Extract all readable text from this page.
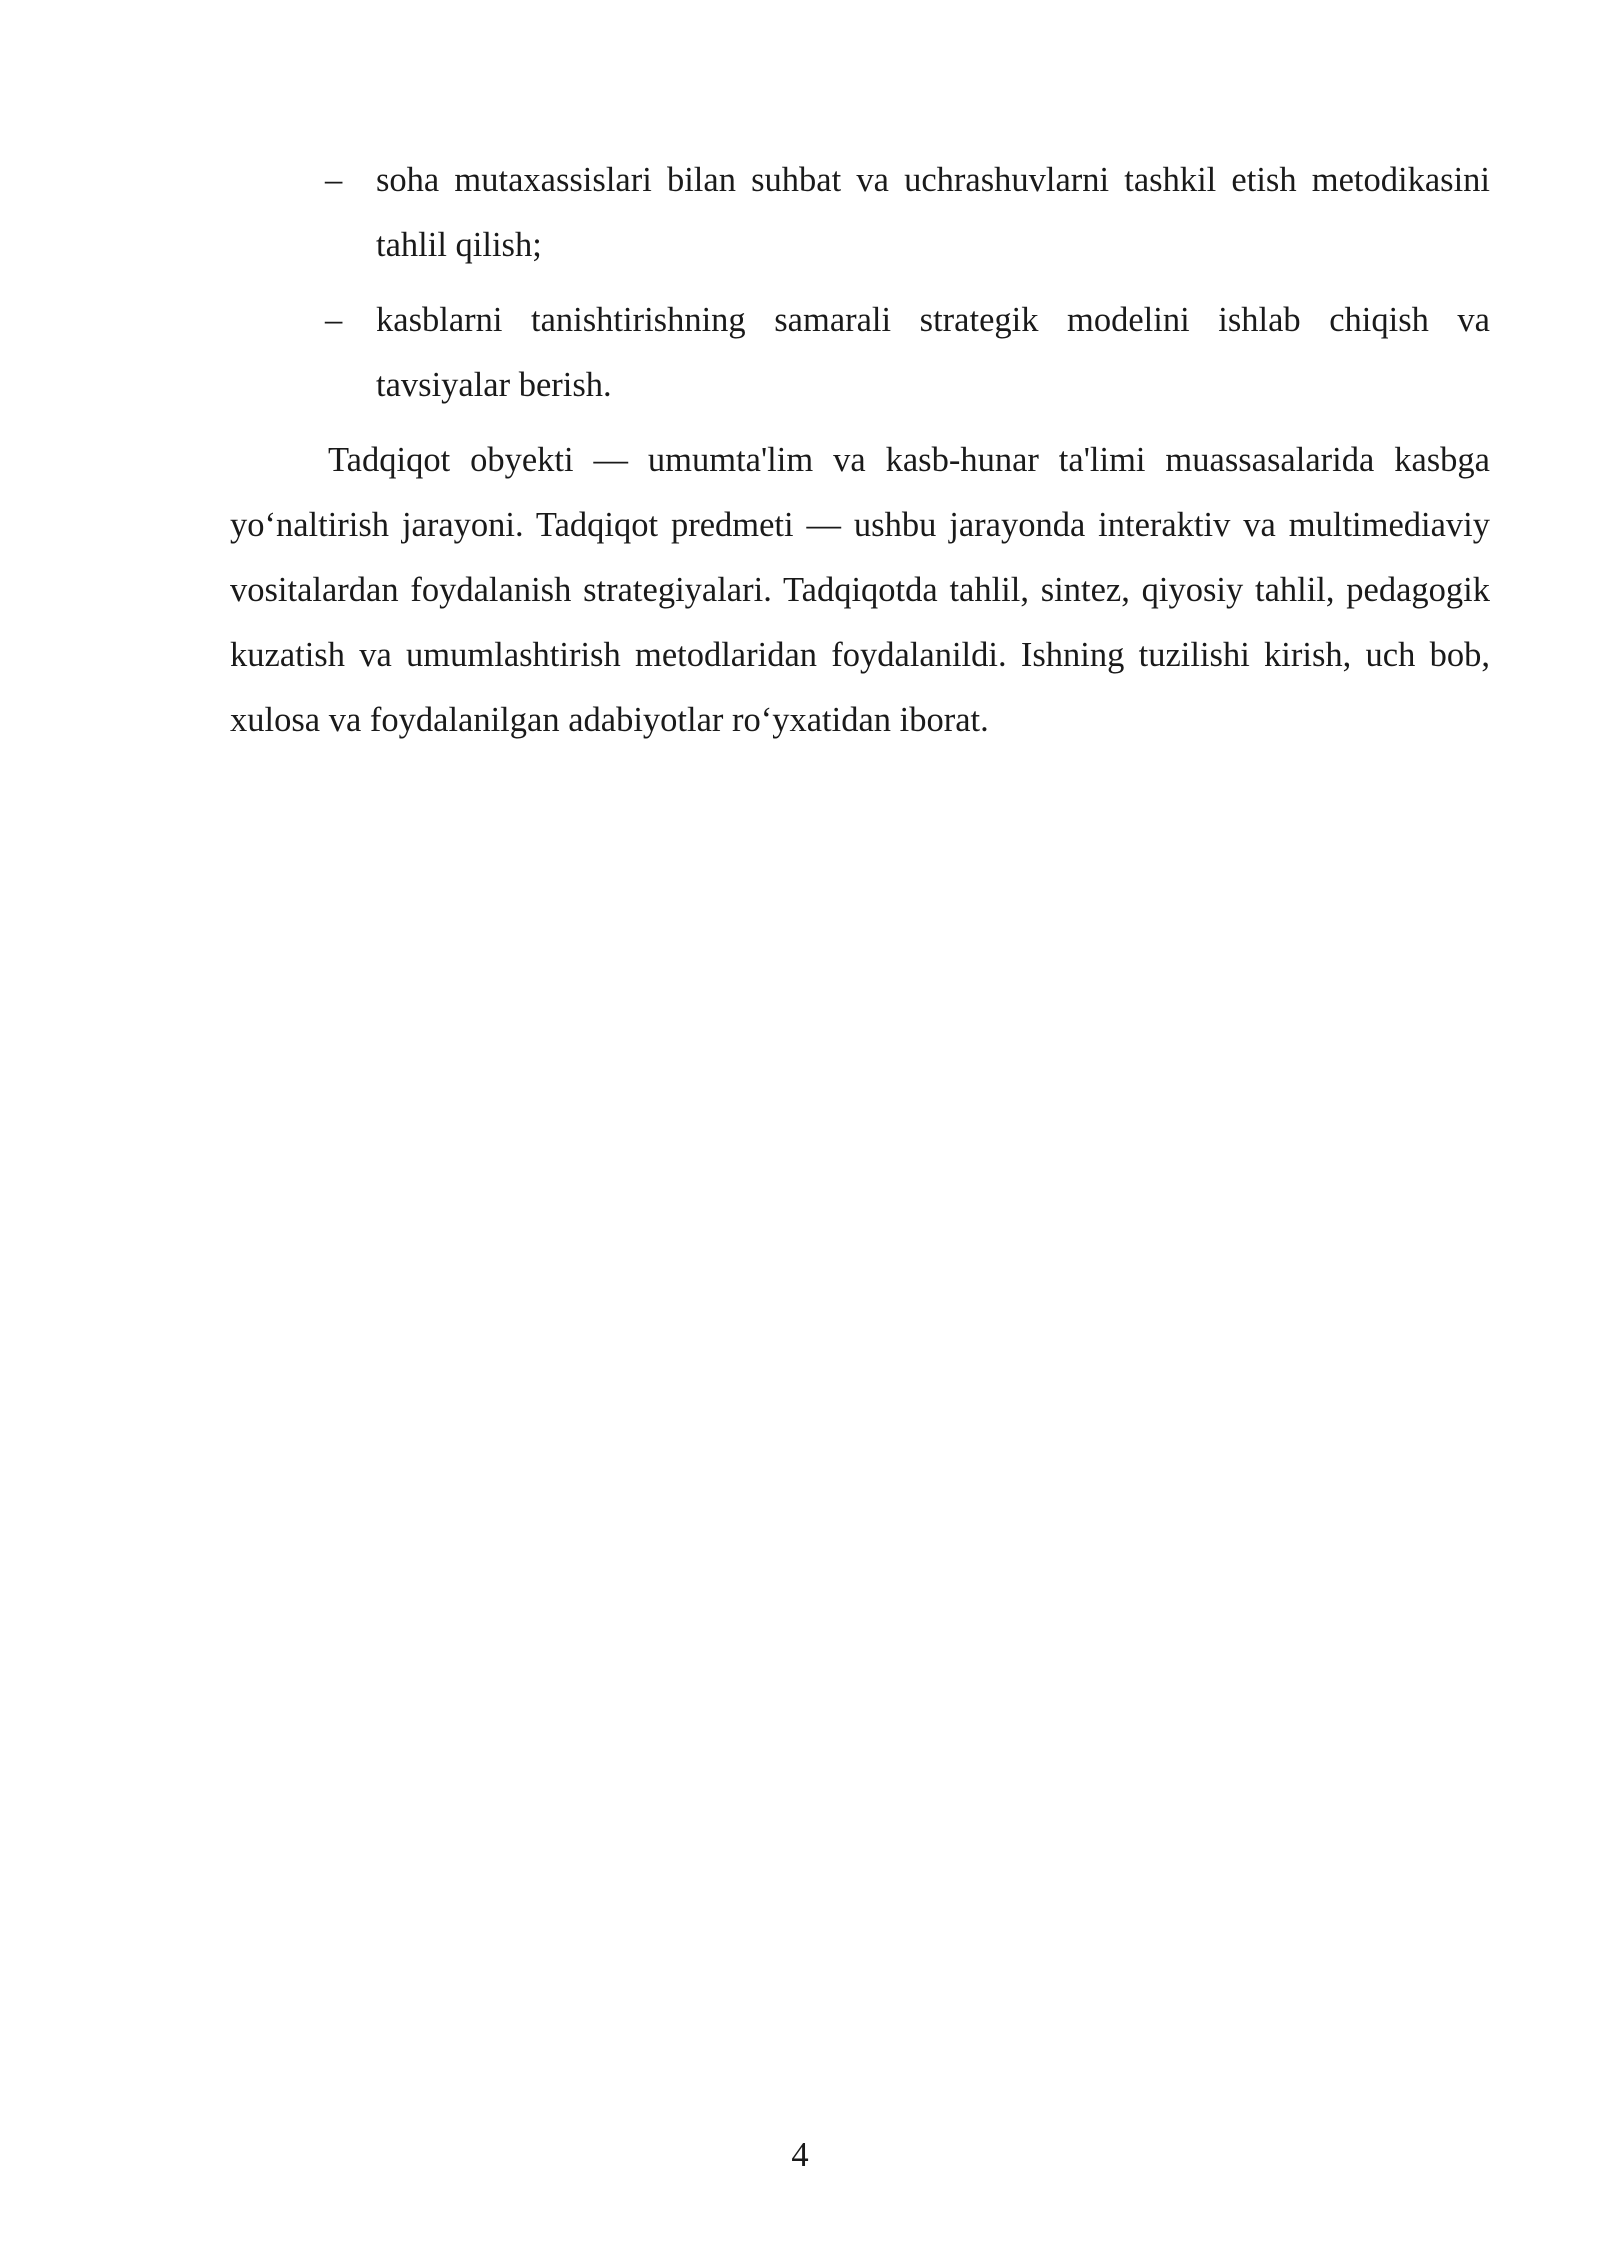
– soha mutaxassislari bilan suhbat va uchrashuvlarni tashkil etish metodikasini tahlil qilish;
– kasblarni tanishtirishning samarali strategik modelini ishlab chiqish va tavsiyalar berish.

Tadqiqot obyekti — umumta'lim va kasb-hunar ta'limi muassasalarida kasbga yo‘naltirish jarayoni. Tadqiqot predmeti — ushbu jarayonda interaktiv va multimediaviy vositalardan foydalanish strategiyalari. Tadqiqotda tahlil, sintez, qiyosiy tahlil, pedagogik kuzatish va umumlashtirish metodlaridan foydalanildi. Ishning tuzilishi kirish, uch bob, xulosa va foydalanilgan adabiyotlar ro‘yxatidan iborat.

4
